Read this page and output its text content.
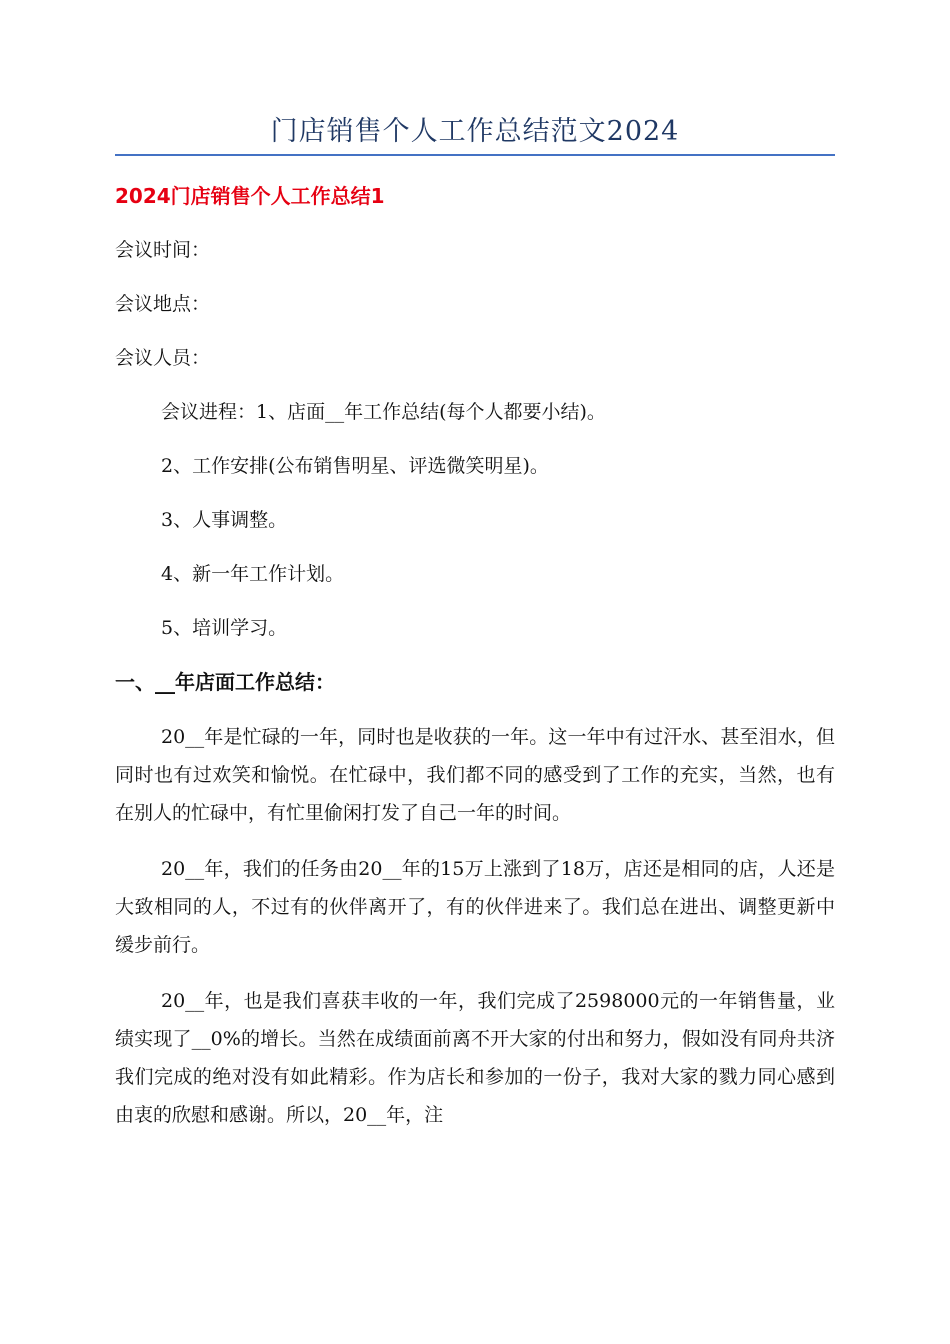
门店销售个人工作总结范文2024
2024门店销售个人工作总结1

会议时间：

会议地点：

会议人员：

会议进程：1、店面__年工作总结(每个人都要小结)。

2、工作安排(公布销售明星、评选微笑明星)。

3、人事调整。

4、新一年工作计划。

5、培训学习。

一、__年店面工作总结：

20__年是忙碌的一年，同时也是收获的一年。这一年中有过汗水、甚至泪水，但同时也有过欢笑和愉悦。在忙碌中，我们都不同的感受到了工作的充实，当然，也有在别人的忙碌中，有忙里偷闲打发了自己一年的时间。

20__年，我们的任务由20__年的15万上涨到了18万，店还是相同的店，人还是大致相同的人，不过有的伙伴离开了，有的伙伴进来了。我们总在进出、调整更新中缓步前行。

20__年，也是我们喜获丰收的一年，我们完成了2598000元的一年销售量，业绩实现了__0%的增长。当然在成绩面前离不开大家的付出和努力，假如没有同舟共济我们完成的绝对没有如此精彩。作为店长和参加的一份子，我对大家的戮力同心感到由衷的欣慰和感谢。所以，20__年，注
